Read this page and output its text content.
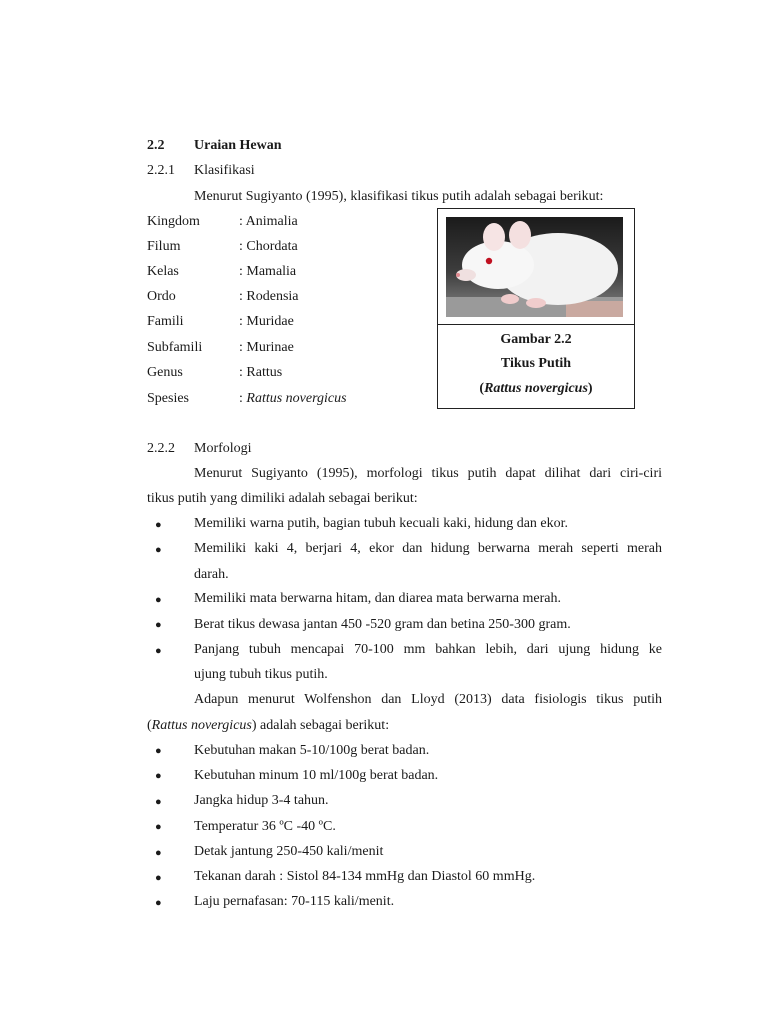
2.2 Uraian Hewan
2.2.1 Klasifikasi
Menurut Sugiyanto (1995), klasifikasi tikus putih adalah sebagai berikut:
Kingdom	: Animalia
Filum	: Chordata
Kelas	: Mamalia
Ordo	: Rodensia
Famili	: Muridae
Subfamili	: Murinae
Genus	: Rattus
Spesies	: Rattus novergicus
Gambar 2.2
Tikus Putih
(Rattus novergicus)
2.2.2 Morfologi
Menurut Sugiyanto (1995), morfologi tikus putih dapat dilihat dari ciri-ciri
tikus putih yang dimiliki adalah sebagai berikut:
● Memiliki warna putih, bagian tubuh kecuali kaki, hidung dan ekor.
● Memiliki kaki 4, berjari 4, ekor dan hidung berwarna merah seperti merah
darah.
● Memiliki mata berwarna hitam, dan diarea mata berwarna merah.
● Berat tikus dewasa jantan 450 -520 gram dan betina 250-300 gram.
● Panjang tubuh mencapai 70-100 mm bahkan lebih, dari ujung hidung ke
ujung tubuh tikus putih.
Adapun menurut Wolfenshon dan Lloyd (2013) data fisiologis tikus putih
(Rattus novergicus) adalah sebagai berikut:
● Kebutuhan makan 5-10/100g berat badan.
● Kebutuhan minum 10 ml/100g berat badan.
● Jangka hidup 3-4 tahun.
● Temperatur 36 ºC -40 ºC.
● Detak jantung 250-450 kali/menit
● Tekanan darah : Sistol 84-134 mmHg dan Diastol 60 mmHg.
● Laju pernafasan: 70-115 kali/menit.
